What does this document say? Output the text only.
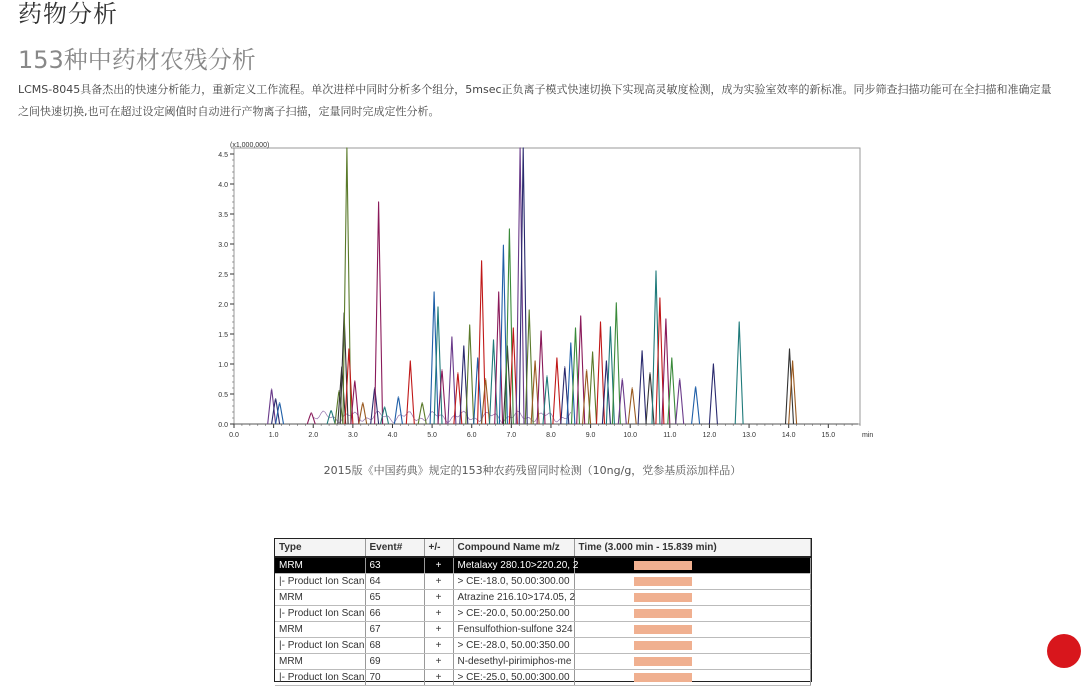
药物分析
153种中药材农残分析
LCMS-8045具备杰出的快速分析能力，重新定义工作流程。单次进样中同时分析多个组分，5msec正负离子模式快速切换下实现高灵敏度检测，成为实验室效率的新标准。同步筛查扫描功能可在全扫描和准确定量之间快速切换,也可在超过设定阈值时自动进行产物离子扫描，定量同时完成定性分析。
0.0
0.5
1.0
1.5
2.0
2.5
3.0
3.5
4.0
4.5
(x1,000,000)
0.0	1.0	2.0	3.0	4.0	5.0	6.0	7.0	8.0	9.0	10.0	11.0	12.0	13.0	14.0	15.0	min
2015版《中国药典》规定的153种农药残留同时检测（10ng/g，党参基质添加样品）
Type	Event#	+/-	Compound Name m/z	Time (3.000 min - 15.839 min)
MRM	63	+	Metalaxy 280.10>220.20, 2	
|- Product Ion Scan	64	+	> CE:-18.0, 50.00:300.00	
MRM	65	+	Atrazine 216.10>174.05, 2	
|- Product Ion Scan	66	+	> CE:-20.0, 50.00:250.00	
MRM	67	+	Fensulfothion-sulfone 324	
|- Product Ion Scan	68	+	> CE:-28.0, 50.00:350.00	
MRM	69	+	N-desethyl-pirimiphos-me	
|- Product Ion Scan	70	+	> CE:-25.0, 50.00:300.00	
